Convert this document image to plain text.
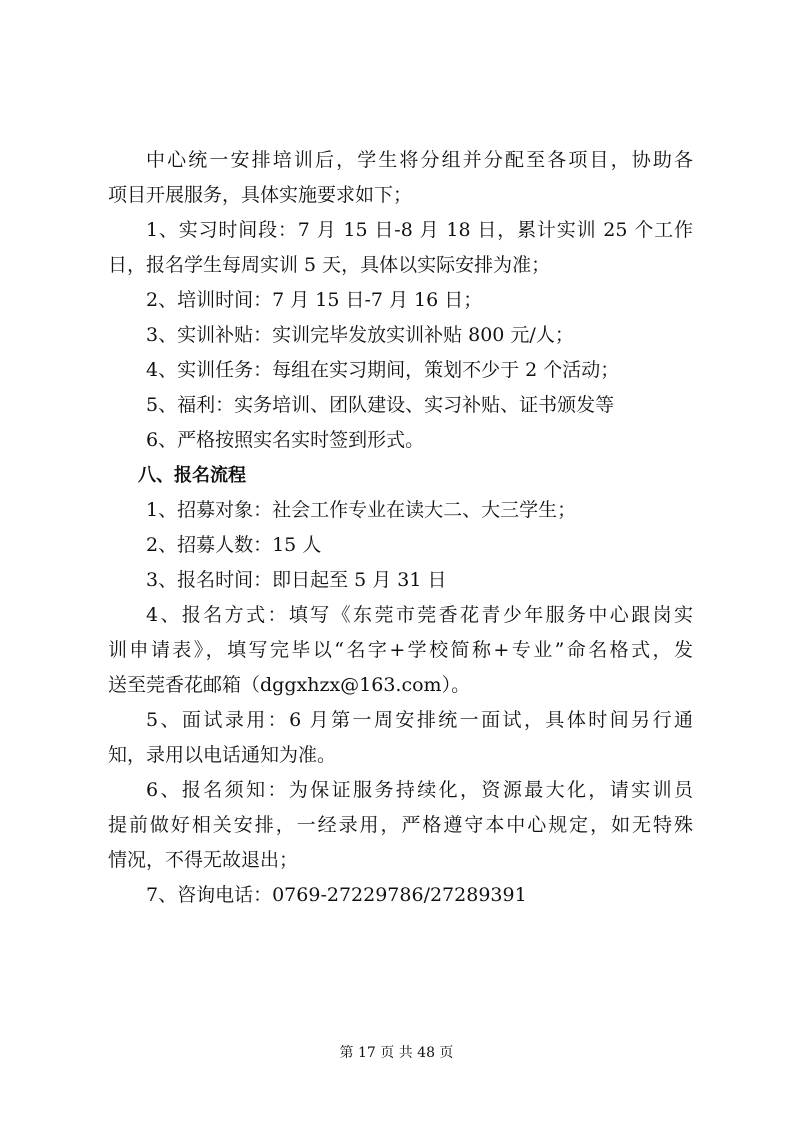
中心统一安排培训后，学生将分组并分配至各项目，协助各
项目开展服务，具体实施要求如下；
1、实习时间段：7 月 15 日-8 月 18 日，累计实训 25 个工作
日，报名学生每周实训 5 天，具体以实际安排为准；
2、培训时间：7 月 15 日-7 月 16 日；
3、实训补贴：实训完毕发放实训补贴 800 元/人；
4、实训任务：每组在实习期间，策划不少于 2 个活动；
5、福利：实务培训、团队建设、实习补贴、证书颁发等
6、严格按照实名实时签到形式。
八、报名流程
1、招募对象：社会工作专业在读大二、大三学生；
2、招募人数：15 人
3、报名时间：即日起至 5 月 31 日
4、报名方式：填写《东莞市莞香花青少年服务中心跟岗实
训申请表》，填写完毕以“名字+学校简称+专业”命名格式，发
送至莞香花邮箱（dggxhzx@163.com）。
5、面试录用：6 月第一周安排统一面试，具体时间另行通
知，录用以电话通知为准。
6、报名须知：为保证服务持续化，资源最大化，请实训员
提前做好相关安排，一经录用，严格遵守本中心规定，如无特殊
情况，不得无故退出；
7、咨询电话：0769-27229786/27289391
第 17 页 共 48 页
